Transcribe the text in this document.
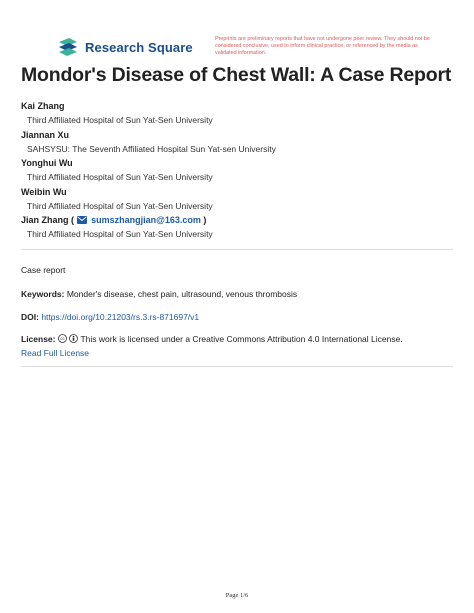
Research Square
Preprints are preliminary reports that have not undergone peer review. They should not be considered conclusive, used to inform clinical practice, or referenced by the media as validated information.
Mondor's Disease of Chest Wall: A Case Report
Kai Zhang
Third Affiliated Hospital of Sun Yat-Sen University
Jiannan Xu
SAHSYSU: The Seventh Affiliated Hospital Sun Yat-sen University
Yonghui Wu
Third Affiliated Hospital of Sun Yat-Sen University
Weibin Wu
Third Affiliated Hospital of Sun Yat-Sen University
Jian Zhang ( sumszhangjian@163.com )
Third Affiliated Hospital of Sun Yat-Sen University
Case report
Keywords: Monder's disease, chest pain, ultrasound, venous thrombosis
DOI: https://doi.org/10.21203/rs.3.rs-871697/v1
License: cc This work is licensed under a Creative Commons Attribution 4.0 International License.
Read Full License
Page 1/6
